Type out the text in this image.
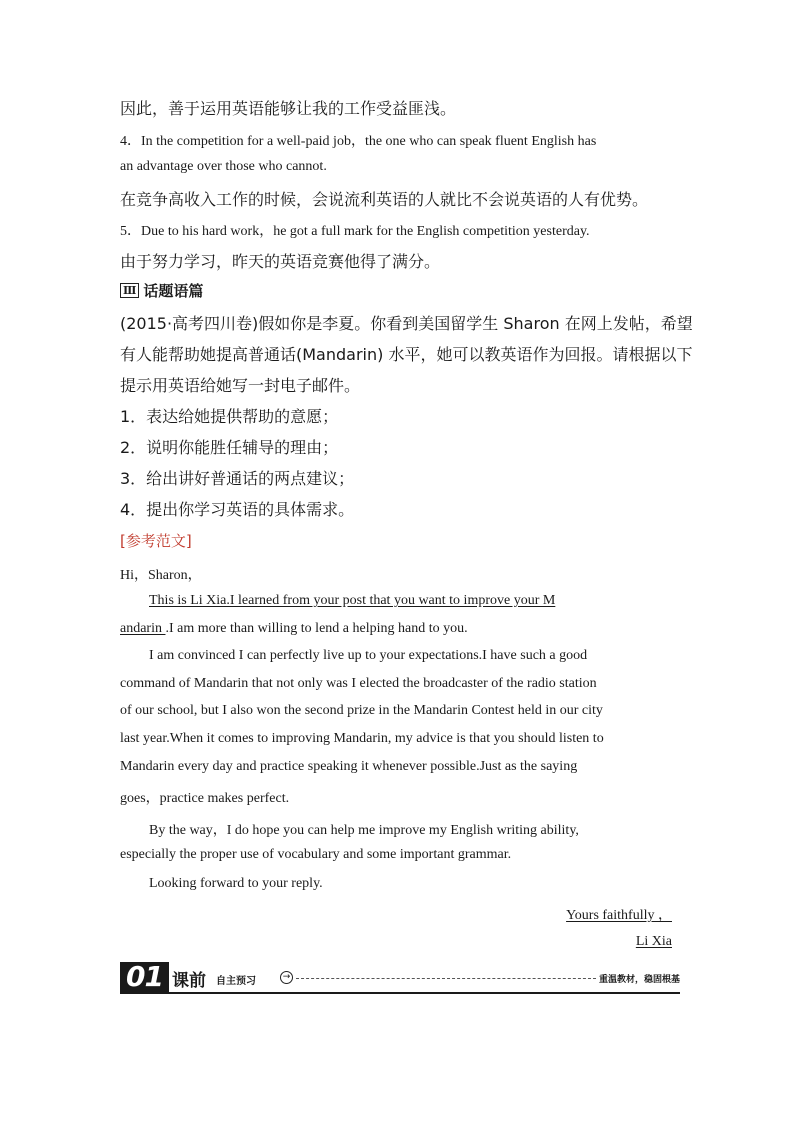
因此，善于运用英语能够让我的工作受益匪浅。
4．In the competition for a well-paid job，the one who can speak fluent English has
an advantage over those who cannot.
在竞争高收入工作的时候，会说流利英语的人就比不会说英语的人有优势。
5．Due to his hard work，he got a full mark for the English competition yesterday.
由于努力学习，昨天的英语竞赛他得了满分。
Ⅲ 话题语篇
(2015·高考四川卷)假如你是李夏。你看到美国留学生 Sharon 在网上发帖，希望
有人能帮助她提高普通话(Mandarin) 水平，她可以教英语作为回报。请根据以下
提示用英语给她写一封电子邮件。
1．表达给她提供帮助的意愿；
2．说明你能胜任辅导的理由；
3．给出讲好普通话的两点建议；
4．提出你学习英语的具体需求。
[参考范文]
Hi，Sharon，
This is Li Xia.I learned from your post that you want to improve your M
andarin .I am more than willing to lend a helping hand to you.
I am convinced I can perfectly live up to your expectations.I have such a good
command of Mandarin that not only was I elected the broadcaster of the radio station
of our school, but I also won the second prize in the Mandarin Contest held in our city
last year.When it comes to improving Mandarin, my advice is that you should listen to
Mandarin every day and practice speaking it whenever possible.Just as the saying
goes，practice makes perfect.
By the way，I do hope you can help me improve my English writing ability,
especially the proper use of vocabulary and some important grammar.
Looking forward to your reply.
Yours faithfully ，
Li Xia
01 课前 自主预习	→	重温教材，稳固根基
